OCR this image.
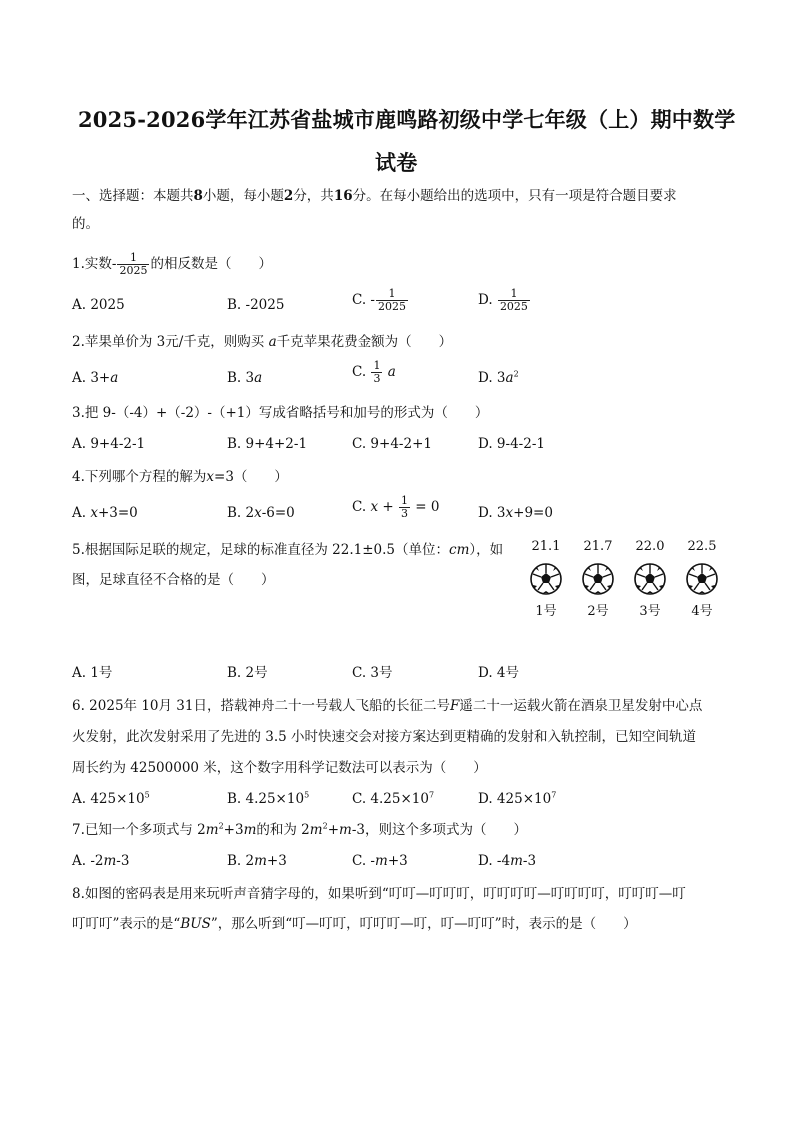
2025-2026学年江苏省盐城市鹿鸣路初级中学七年级（上）期中数学
试卷
一、选择题：本题共8小题，每小题2分，共16分。在每小题给出的选项中，只有一项是符合题目要求
的。
1.实数- $\frac{1}{2025}$ 的相反数是（　　）
A. 2025	B. -2025	C. - $\frac{1}{2025}$	D. $\frac{1}{2025}$
2.苹果单价为 3元/千克，则购买 a千克苹果花费金额为（　　）
A. 3+a	B. 3a	C. $\frac{1}{3}$ a	D. $3a^2$
3.把 9-（-4）+（-2）-（+1）写成省略括号和加号的形式为（　　）
A. 9+4-2-1	B. 9+4+2-1	C. 9+4-2+1	D. 9-4-2-1
4.下列哪个方程的解为x=3（　　）
A. x+3=0	B. 2x-6=0	C. $x + \frac{1}{3} = 0$	D. 3x+9=0
5.根据国际足联的规定，足球的标准直径为 22.1±0.5（单位：cm），如
图，足球直径不合格的是（　　）
21.1	21.7	22.0	22.5
1号	2号	3号	4号
A. 1号	B. 2号	C. 3号	D. 4号
6. 2025年 10月 31日，搭载神舟二十一号载人飞船的长征二号F遥二十一运载火箭在酒泉卫星发射中心点
火发射，此次发射采用了先进的 3.5 小时快速交会对接方案达到更精确的发射和入轨控制，已知空间轨道
周长约为 42500000 米，这个数字用科学记数法可以表示为（　　）
A. $425\times 10^5$	B. $4.25\times 10^5$	C. $4.25\times 10^7$	D. $425\times 10^7$
7.已知一个多项式与 $2m^2+3m$的和为 $2m^2+m-3$，则这个多项式为（　　）
A. -2m-3	B. 2m+3	C. -m+3	D. -4m-3
8.如图的密码表是用来玩听声音猜字母的，如果听到“叮叮—叮叮叮，叮叮叮叮—叮叮叮叮，叮叮叮—叮
叮叮叮”表示的是“BUS”，那么听到“叮—叮叮，叮叮叮—叮，叮—叮叮”时，表示的是（　　）
